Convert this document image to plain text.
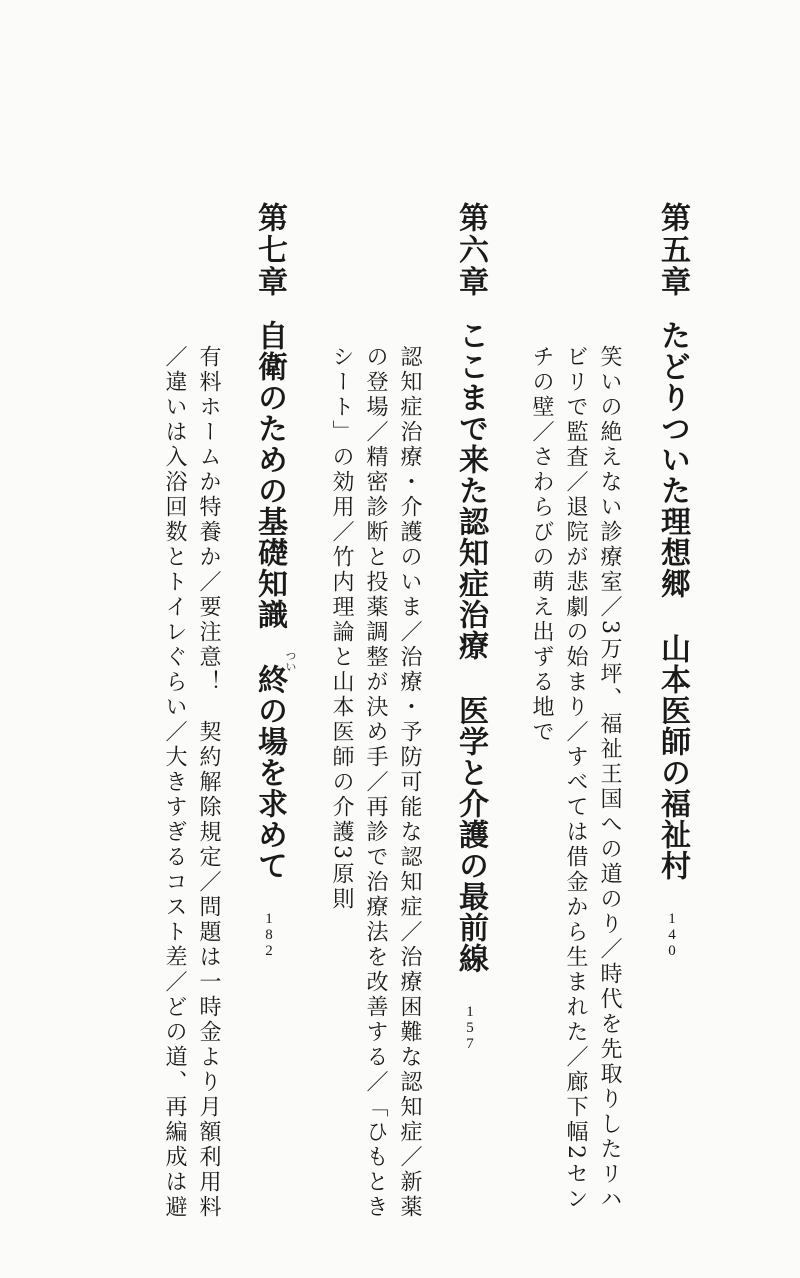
第五章
たどりついた理想郷山本医師の福祉村140
笑いの絶えない診療室／3万坪、福祉王国への道のり／時代を先取りしたリハ
ビリで監査／退院が悲劇の始まり／すべては借金から生まれた／廊下幅2セン
チの壁／さわらびの萌え出ずる地で
第六章
ここまで来た認知症治療医学と介護の最前線157
認知症治療・介護のいま／治療・予防可能な認知症／治療困難な認知症／新薬
の登場／精密診断と投薬調整が決め手／再診で治療法を改善する／「ひもとき
シート」の効用／竹内理論と山本医師の介護3原則
第七章
自衛のための基礎知識終の場を求めて182
つい
有料ホームか特養か／要注意！　契約解除規定／問題は一時金より月額利用料
／違いは入浴回数とトイレぐらい／大きすぎるコスト差／どの道、再編成は避
